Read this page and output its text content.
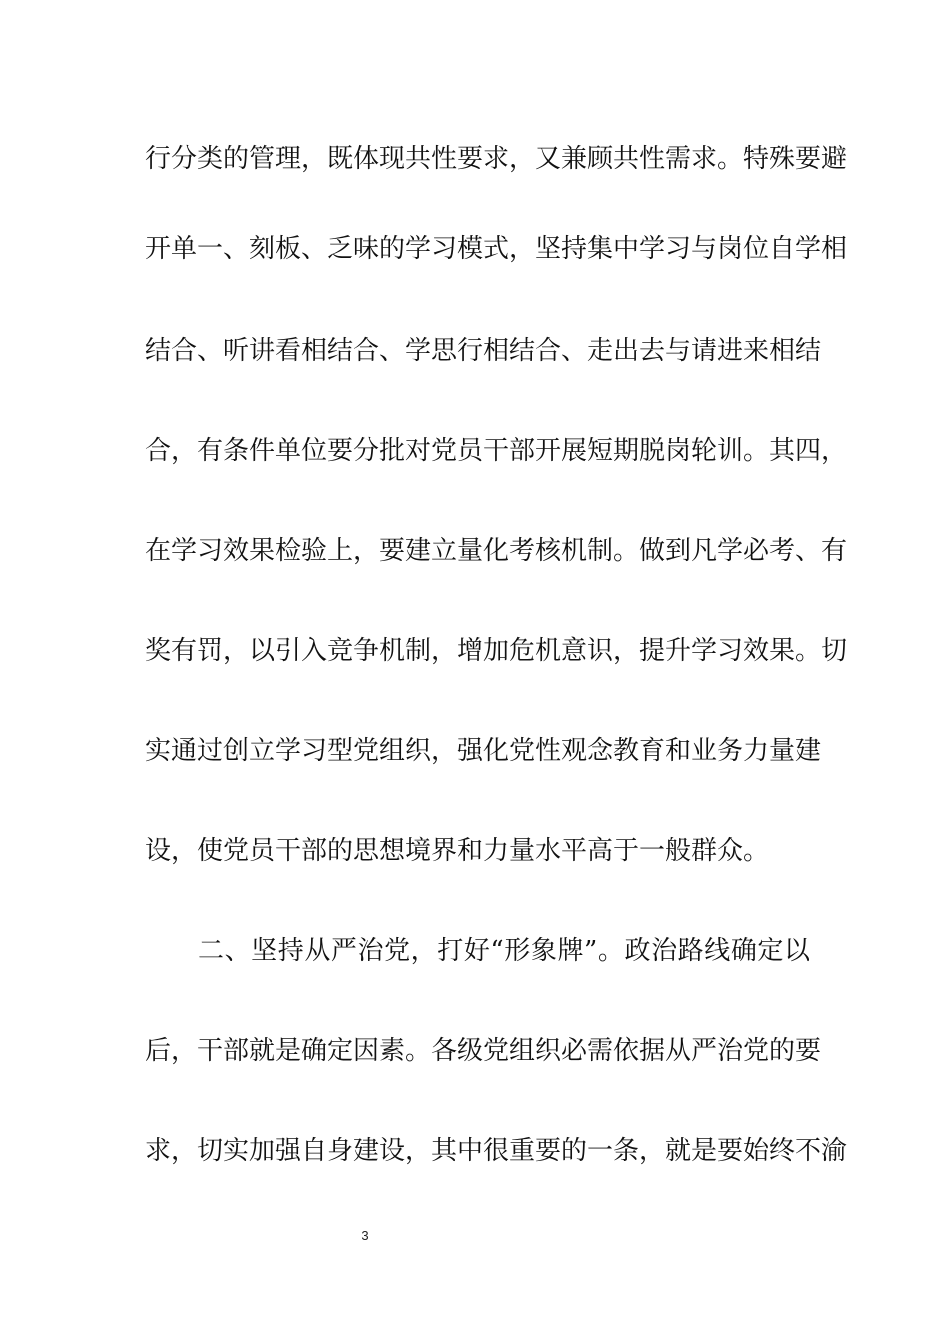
行分类的管理，既体现共性要求，又兼顾共性需求。特殊要避
开单一、刻板、乏味的学习模式，坚持集中学习与岗位自学相
结合、听讲看相结合、学思行相结合、走出去与请进来相结
合，有条件单位要分批对党员干部开展短期脱岗轮训。其四，
在学习效果检验上，要建立量化考核机制。做到凡学必考、有
奖有罚，以引入竞争机制，增加危机意识，提升学习效果。切
实通过创立学习型党组织，强化党性观念教育和业务力量建
设，使党员干部的思想境界和力量水平高于一般群众。
二、坚持从严治党，打好“形象牌”。政治路线确定以
后，干部就是确定因素。各级党组织必需依据从严治党的要
求，切实加强自身建设，其中很重要的一条，就是要始终不渝
3
